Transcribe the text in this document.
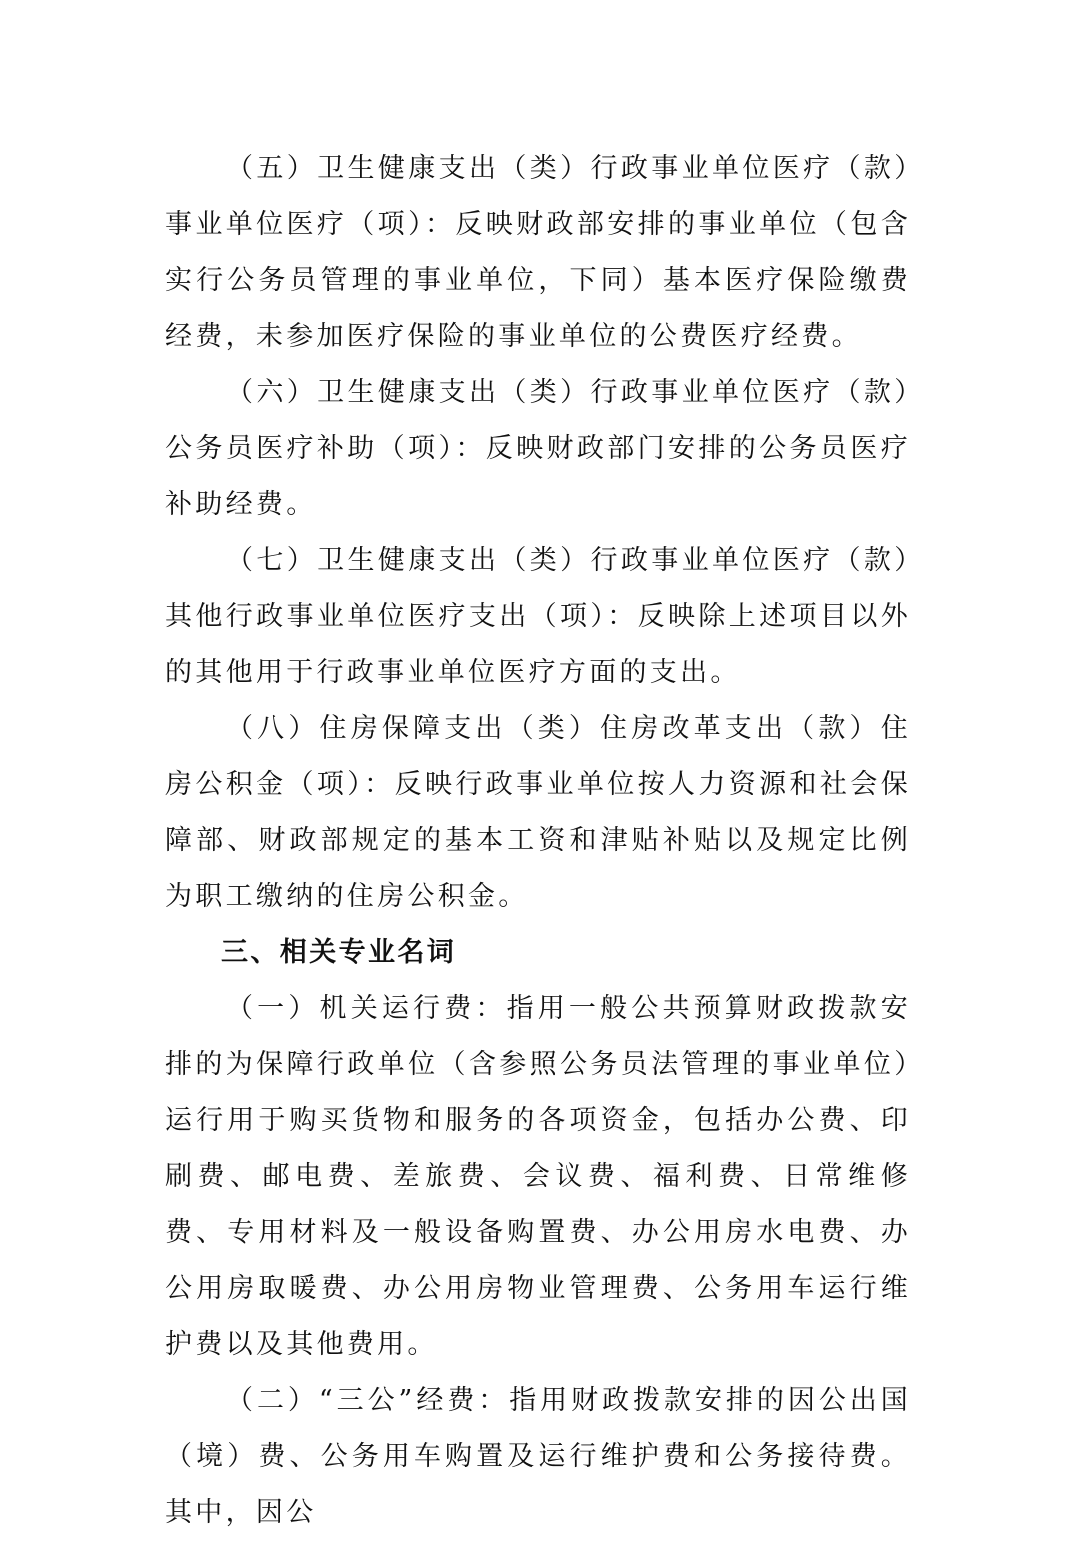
（五）卫生健康支出（类）行政事业单位医疗（款）事业单位医疗（项）：反映财政部安排的事业单位（包含实行公务员管理的事业单位，下同）基本医疗保险缴费经费，未参加医疗保险的事业单位的公费医疗经费。

（六）卫生健康支出（类）行政事业单位医疗（款）公务员医疗补助（项）：反映财政部门安排的公务员医疗补助经费。

（七）卫生健康支出（类）行政事业单位医疗（款）其他行政事业单位医疗支出（项）：反映除上述项目以外的其他用于行政事业单位医疗方面的支出。

（八）住房保障支出（类）住房改革支出（款）住房公积金（项）：反映行政事业单位按人力资源和社会保障部、财政部规定的基本工资和津贴补贴以及规定比例为职工缴纳的住房公积金。

三、相关专业名词

（一）机关运行费：指用一般公共预算财政拨款安排的为保障行政单位（含参照公务员法管理的事业单位）运行用于购买货物和服务的各项资金，包括办公费、印刷费、邮电费、差旅费、会议费、福利费、日常维修费、专用材料及一般设备购置费、办公用房水电费、办公用房取暖费、办公用房物业管理费、公务用车运行维护费以及其他费用。

（二）“三公”经费：指用财政拨款安排的因公出国（境）费、公务用车购置及运行维护费和公务接待费。其中，因公
